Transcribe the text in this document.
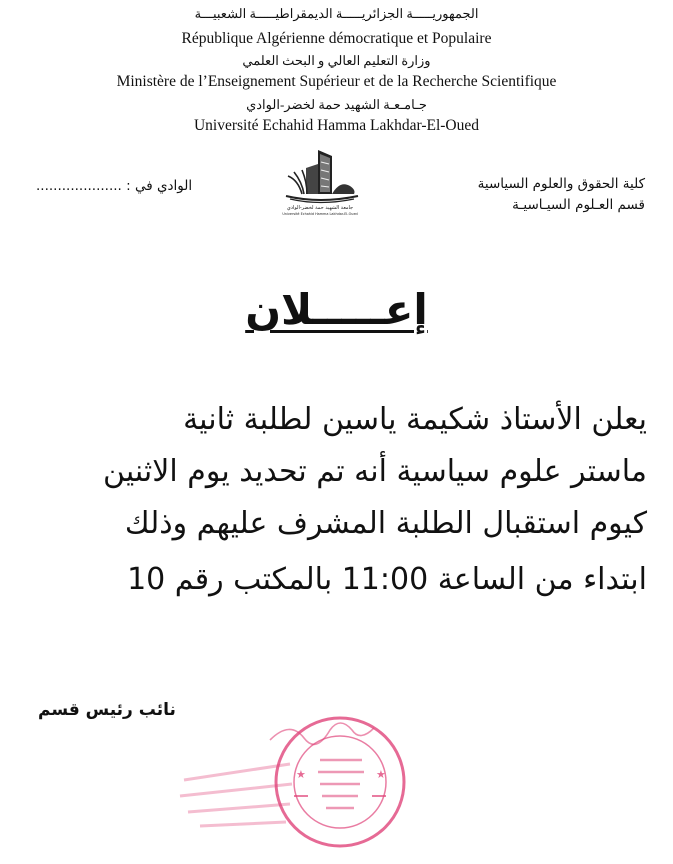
الجمهوريـــــة الجزائريـــــة الديمقراطيـــــة الشعبيـــة
République Algérienne démocratique et Populaire
وزارة التعليم العالي و البحث العلمي
Ministère de l’Enseignement Supérieur et de la Recherche Scientifique
جـامـعـة الشهيد حمة لخضر-الوادي
Université Echahid Hamma Lakhdar-El-Oued
كلية الحقوق والعلوم السياسية
قسم العـلوم السيـاسيـة
الوادي في : ....................
جامعة الشهيد حمة لخضر-الوادي
Université Echahid Hamma Lakhdar-El-Oued
إعـــــلان
يعلن الأستاذ شكيمة ياسين لطلبة ثانية
ماستر علوم سياسية أنه تم تحديد يوم الاثنين
كيوم استقبال الطلبة المشرف عليهم وذلك
ابتداء من الساعة 11:00 بالمكتب رقم 10
نائب رئيس قسم
★	★
